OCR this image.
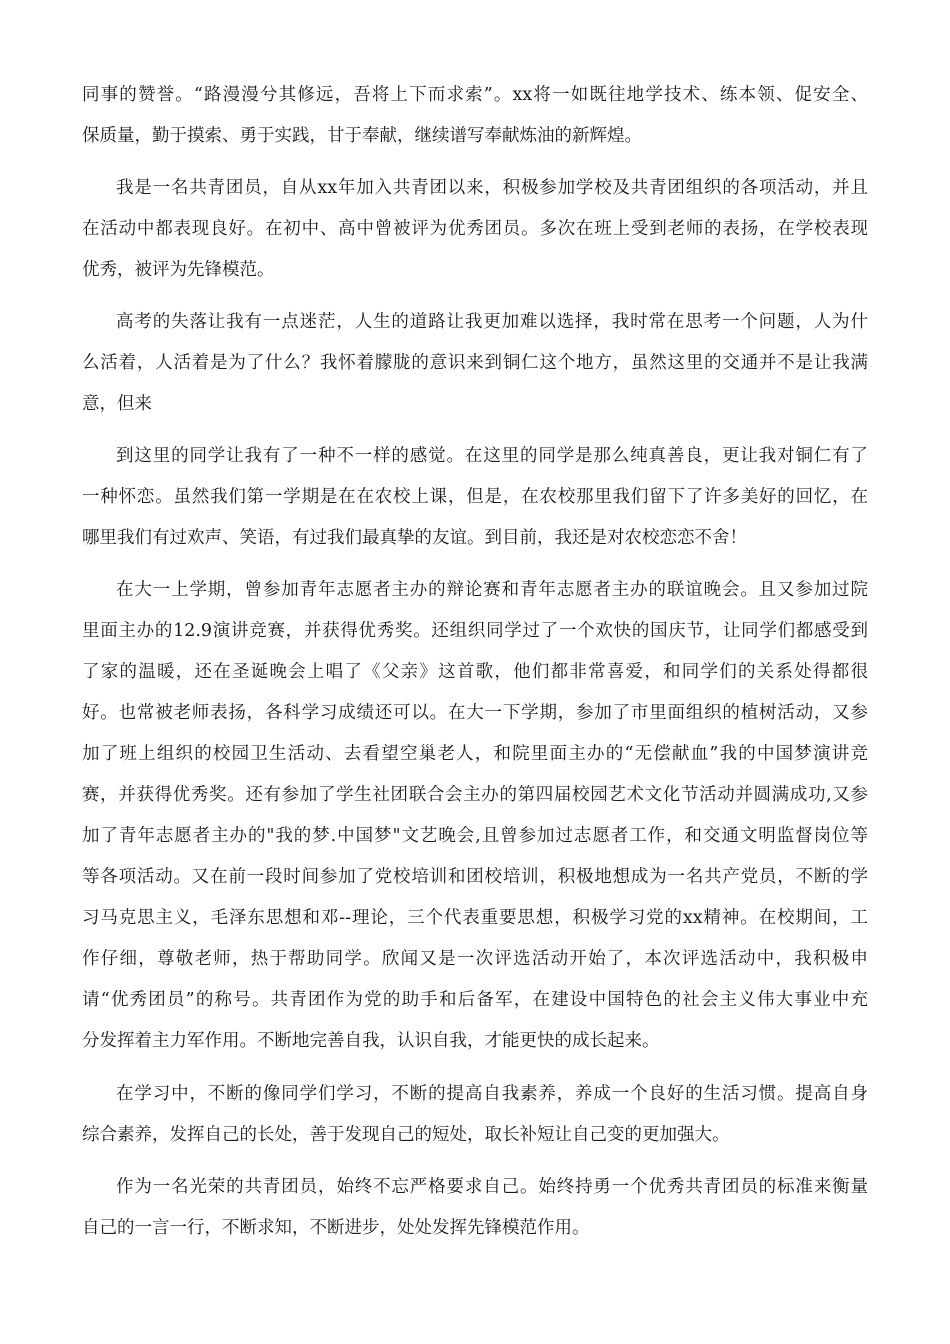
同事的赞誉。“路漫漫兮其修远，吾将上下而求索”。xx将一如既往地学技术、练本领、促安全、
保质量，勤于摸索、勇于实践，甘于奉献，继续谱写奉献炼油的新辉煌。
我是一名共青团员，自从xx年加入共青团以来，积极参加学校及共青团组织的各项活动，并且
在活动中都表现良好。在初中、高中曾被评为优秀团员。多次在班上受到老师的表扬，在学校表现
优秀，被评为先锋模范。
高考的失落让我有一点迷茫，人生的道路让我更加难以选择，我时常在思考一个问题，人为什
么活着，人活着是为了什么？我怀着朦胧的意识来到铜仁这个地方，虽然这里的交通并不是让我满
意，但来
到这里的同学让我有了一种不一样的感觉。在这里的同学是那么纯真善良，更让我对铜仁有了
一种怀恋。虽然我们第一学期是在在农校上课，但是，在农校那里我们留下了许多美好的回忆，在
哪里我们有过欢声、笑语，有过我们最真挚的友谊。到目前，我还是对农校恋恋不舍！
在大一上学期，曾参加青年志愿者主办的辩论赛和青年志愿者主办的联谊晚会。且又参加过院
里面主办的12.9演讲竞赛，并获得优秀奖。还组织同学过了一个欢快的国庆节，让同学们都感受到
了家的温暖，还在圣诞晚会上唱了《父亲》这首歌，他们都非常喜爱，和同学们的关系处得都很
好。也常被老师表扬，各科学习成绩还可以。在大一下学期，参加了市里面组织的植树活动，又参
加了班上组织的校园卫生活动、去看望空巢老人，和院里面主办的“无偿献血”我的中国梦演讲竞
赛，并获得优秀奖。还有参加了学生社团联合会主办的第四届校园艺术文化节活动并圆满成功,又参
加了青年志愿者主办的"我的梦.中国梦"文艺晚会,且曾参加过志愿者工作，和交通文明监督岗位等
等各项活动。又在前一段时间参加了党校培训和团校培训，积极地想成为一名共产党员，不断的学
习马克思主义，毛泽东思想和邓--理论，三个代表重要思想，积极学习党的xx精神。在校期间，工
作仔细，尊敬老师，热于帮助同学。欣闻又是一次评选活动开始了，本次评选活动中，我积极申
请“优秀团员”的称号。共青团作为党的助手和后备军，在建设中国特色的社会主义伟大事业中充
分发挥着主力军作用。不断地完善自我，认识自我，才能更快的成长起来。
在学习中，不断的像同学们学习，不断的提高自我素养，养成一个良好的生活习惯。提高自身
综合素养，发挥自己的长处，善于发现自己的短处，取长补短让自己变的更加强大。
作为一名光荣的共青团员，始终不忘严格要求自己。始终持勇一个优秀共青团员的标准来衡量
自己的一言一行，不断求知，不断进步，处处发挥先锋模范作用。
